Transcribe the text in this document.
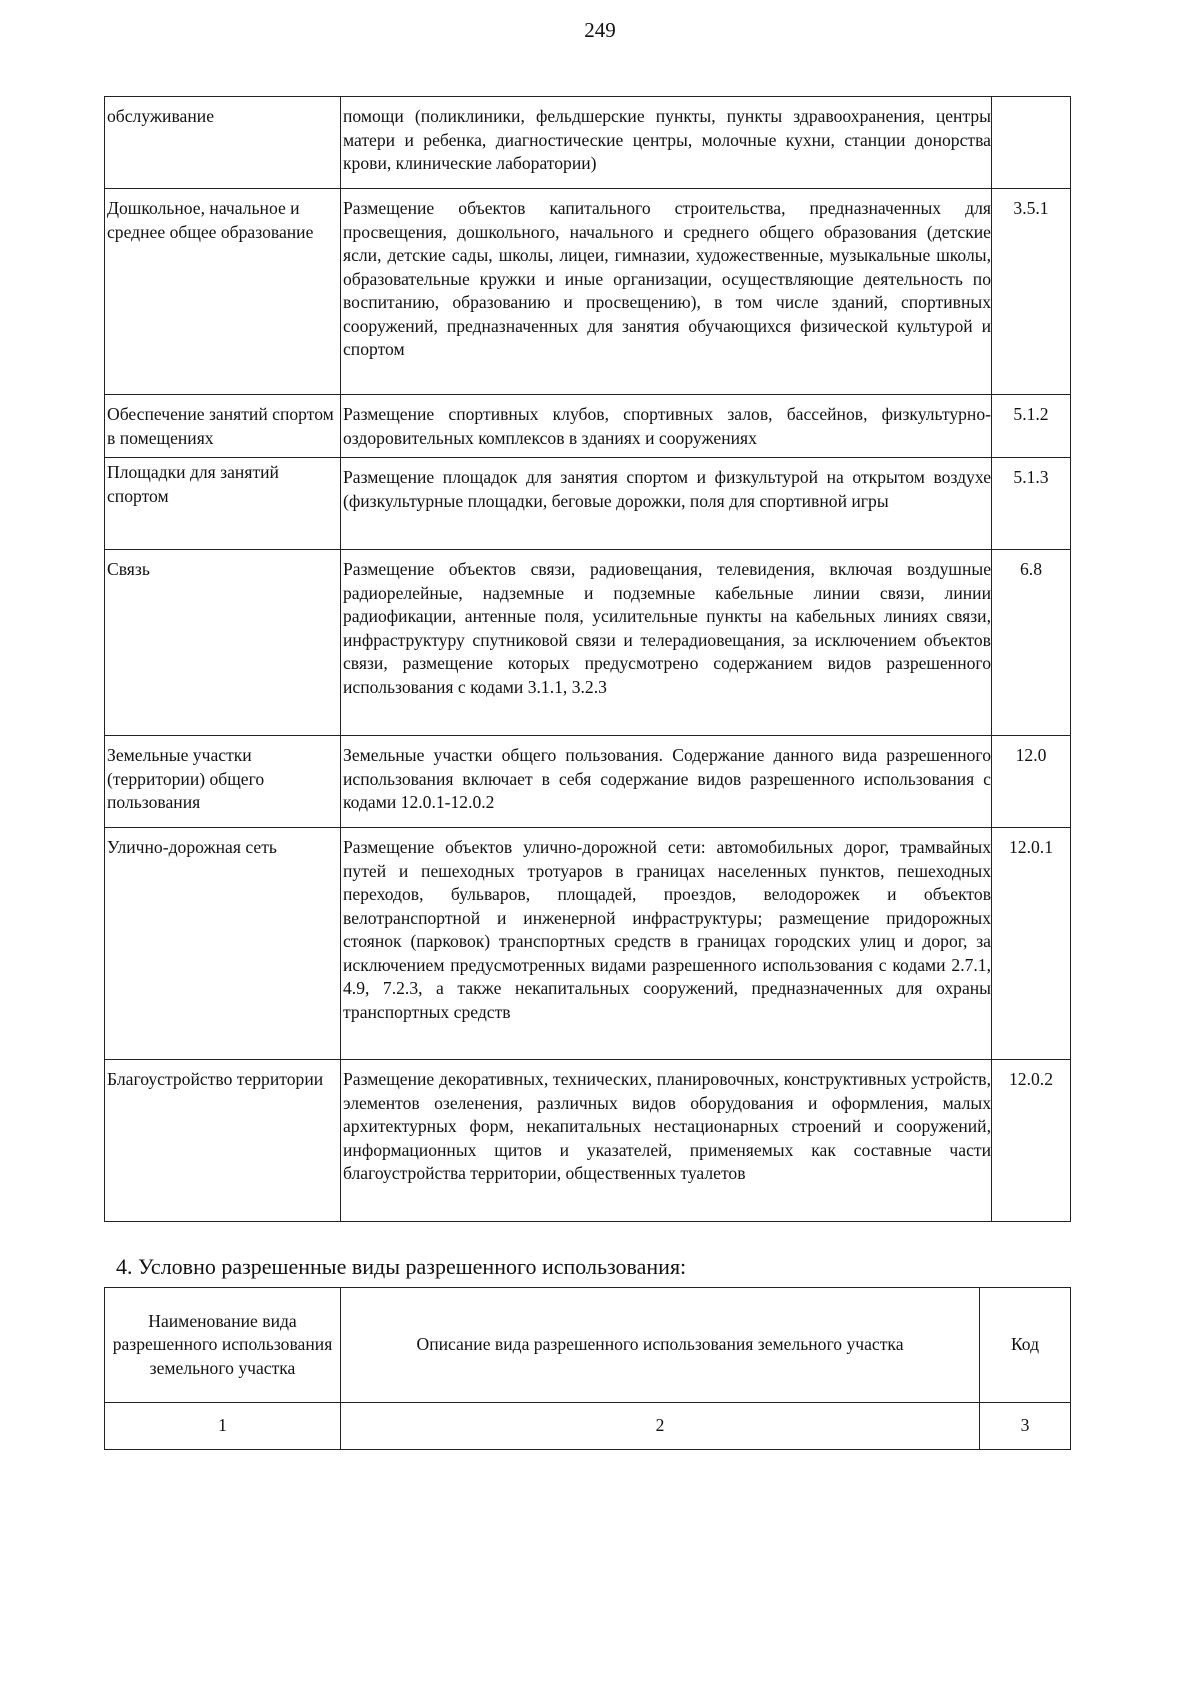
249
обслуживание	помощи (поликлиники, фельдшерские пункты, пункты здравоохранения, центры матери и ребенка, диагностические центры, молочные кухни, станции донорства крови, клинические лаборатории)	
Дошкольное, начальное и среднее общее образование	Размещение объектов капитального строительства, предназначенных для просвещения, дошкольного, начального и среднего общего образования (детские ясли, детские сады, школы, лицеи, гимназии, художественные, музыкальные школы, образовательные кружки и иные организации, осуществляющие деятельность по воспитанию, образованию и просвещению), в том числе зданий, спортивных сооружений, предназначенных для занятия обучающихся физической культурой и спортом	3.5.1
Обеспечение занятий спортом в помещениях	Размещение спортивных клубов, спортивных залов, бассейнов, физкультурно-оздоровительных комплексов в зданиях и сооружениях	5.1.2
Площадки для занятий спортом	Размещение площадок для занятия спортом и физкультурой на открытом воздухе (физкультурные площадки, беговые дорожки, поля для спортивной игры	5.1.3
Связь	Размещение объектов связи, радиовещания, телевидения, включая воздушные радиорелейные, надземные и подземные кабельные линии связи, линии радиофикации, антенные поля, усилительные пункты на кабельных линиях связи, инфраструктуру спутниковой связи и телерадиовещания, за исключением объектов связи, размещение которых предусмотрено содержанием видов разрешенного использования с кодами 3.1.1, 3.2.3	6.8
Земельные участки (территории) общего пользования	Земельные участки общего пользования. Содержание данного вида разрешенного использования включает в себя содержание видов разрешенного использования с кодами 12.0.1-12.0.2	12.0
Улично-дорожная сеть	Размещение объектов улично-дорожной сети: автомобильных дорог, трамвайных путей и пешеходных тротуаров в границах населенных пунктов, пешеходных переходов, бульваров, площадей, проездов, велодорожек и объектов велотранспортной и инженерной инфраструктуры; размещение придорожных стоянок (парковок) транспортных средств в границах городских улиц и дорог, за исключением предусмотренных видами разрешенного использования с кодами 2.7.1, 4.9, 7.2.3, а также некапитальных сооружений, предназначенных для охраны транспортных средств	12.0.1
Благоустройство территории	Размещение декоративных, технических, планировочных, конструктивных устройств, элементов озеленения, различных видов оборудования и оформления, малых архитектурных форм, некапитальных нестационарных строений и сооружений, информационных щитов и указателей, применяемых как составные части благоустройства территории, общественных туалетов	12.0.2
4. Условно разрешенные виды разрешенного использования:
Наименование вида разрешенного использования земельного участка	Описание вида разрешенного использования земельного участка	Код
1	2	3
